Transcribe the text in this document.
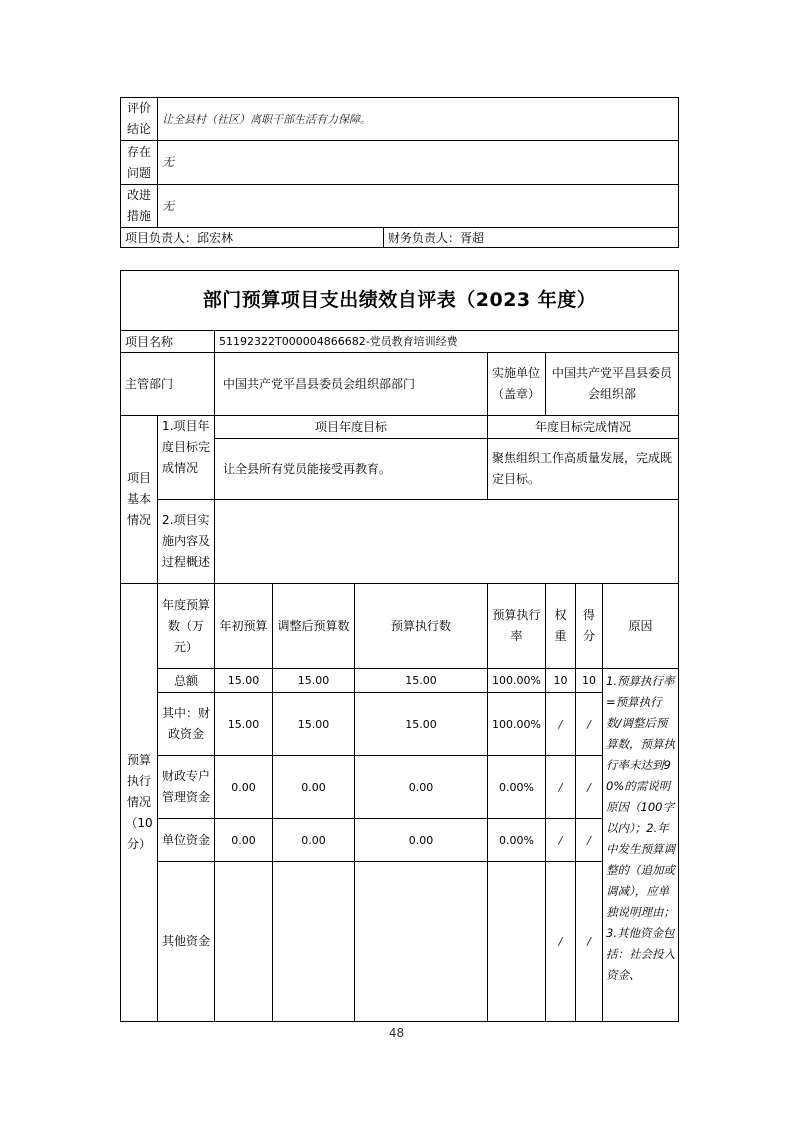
评价结论	让全县村（社区）离职干部生活有力保障。	
存在问题	无	
改进措施	无	
项目负责人：邱宏林		财务负责人：胥超
部门预算项目支出绩效自评表（2023 年度）								
项目名称		51192322T000004866682-党员教育培训经费						
主管部门		中国共产党平昌县委员会组织部部门			实施单位（盖章）	中国共产党平昌县委员会组织部		
项目基本情况	1.项目年度目标完成情况	项目年度目标			年度目标完成情况			
		让全县所有党员能接受再教育。			聚焦组织工作高质量发展，完成既定目标。			
	2.项目实施内容及过程概述							
预算执行情况（10分）	年度预算数（万元）	年初预算	调整后预算数	预算执行数	预算执行率	权重	得分	原因
	总额	15.00	15.00	15.00	100.00%	10	10	1.预算执行率=预算执行数/调整后预算数，预算执行率未达到90%的需说明原因（100字以内）；2.年中发生预算调整的（追加或调减），应单独说明理由；3.其他资金包括：社会投入资金、
	其中：财政资金	15.00	15.00	15.00	100.00%	/	/	
	财政专户管理资金	0.00	0.00	0.00	0.00%	/	/	
	单位资金	0.00	0.00	0.00	0.00%	/	/	
	其他资金					/	/	
48
